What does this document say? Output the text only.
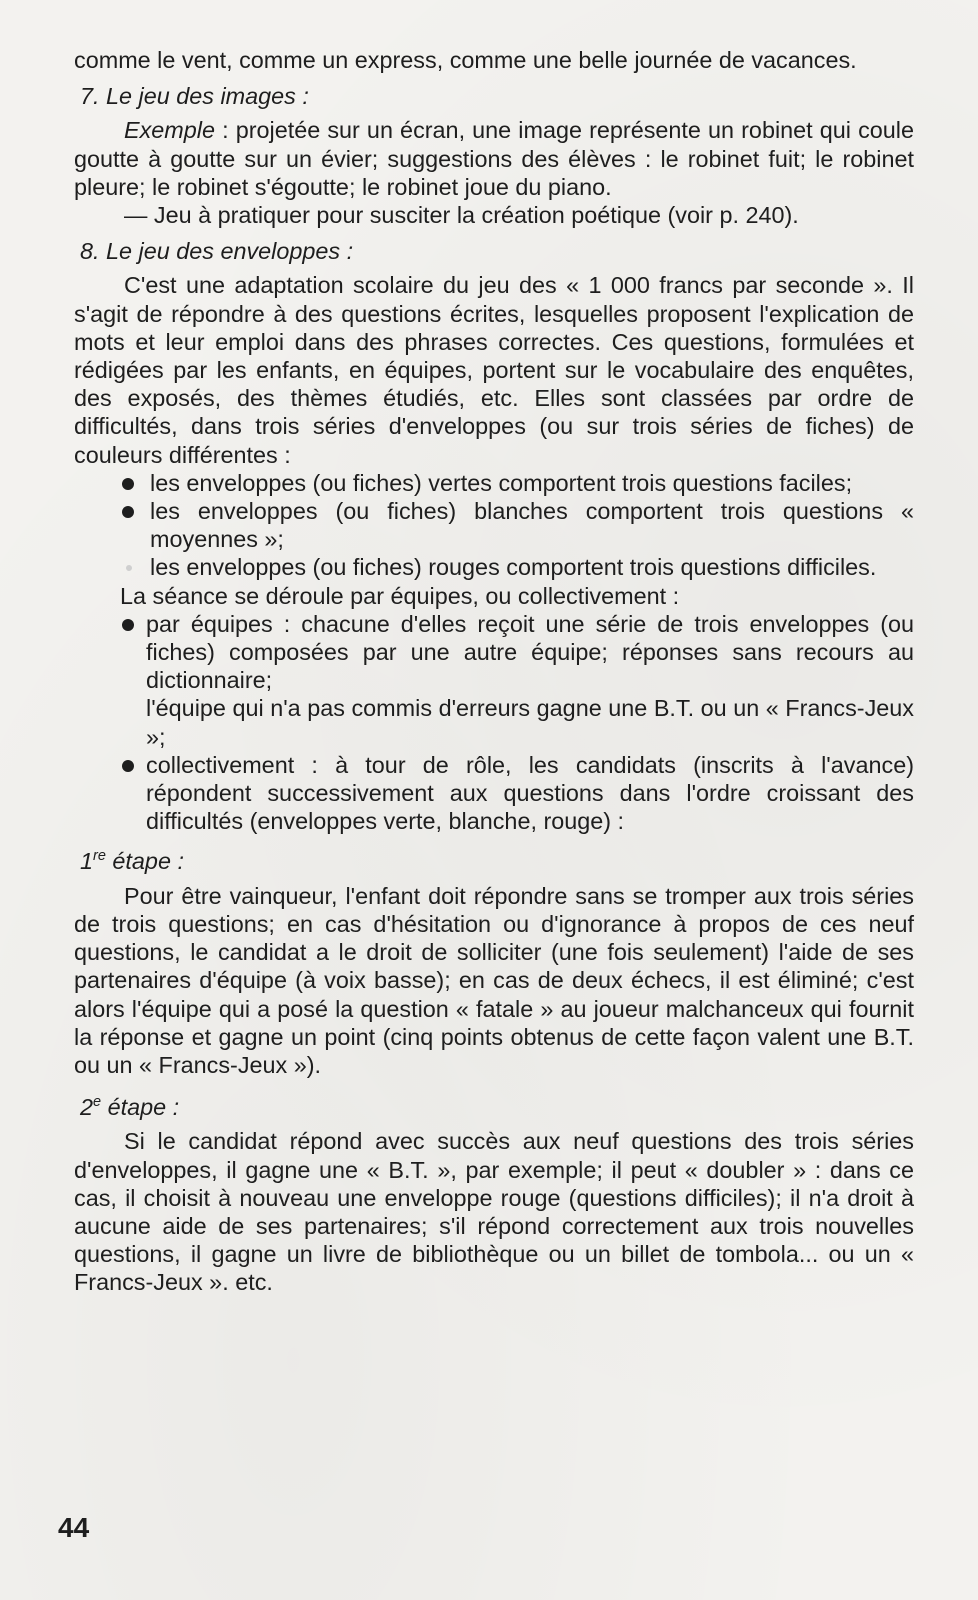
comme le vent, comme un express, comme une belle journée de vacances.

7. Le jeu des images :

Exemple : projetée sur un écran, une image représente un robinet qui coule goutte à goutte sur un évier; suggestions des élèves : le robinet fuit; le robinet pleure; le robinet s'égoutte; le robinet joue du piano.

— Jeu à pratiquer pour susciter la création poétique (voir p. 240).

8. Le jeu des enveloppes :

C'est une adaptation scolaire du jeu des « 1 000 francs par seconde ». Il s'agit de répondre à des questions écrites, lesquelles proposent l'explication de mots et leur emploi dans des phrases correctes. Ces questions, formulées et rédigées par les enfants, en équipes, portent sur le vocabulaire des enquêtes, des exposés, des thèmes étudiés, etc. Elles sont classées par ordre de difficultés, dans trois séries d'enveloppes (ou sur trois séries de fiches) de couleurs différentes :

les enveloppes (ou fiches) vertes comportent trois questions faciles;
les enveloppes (ou fiches) blanches comportent trois questions « moyennes »;
les enveloppes (ou fiches) rouges comportent trois questions difficiles.

La séance se déroule par équipes, ou collectivement :

par équipes : chacune d'elles reçoit une série de trois enveloppes (ou fiches) composées par une autre équipe; réponses sans recours au dictionnaire;

l'équipe qui n'a pas commis d'erreurs gagne une B.T. ou un « Francs-Jeux »;

collectivement : à tour de rôle, les candidats (inscrits à l'avance) répondent successivement aux questions dans l'ordre croissant des difficultés (enveloppes verte, blanche, rouge) :
1re étape :

Pour être vainqueur, l'enfant doit répondre sans se tromper aux trois séries de trois questions; en cas d'hésitation ou d'ignorance à propos de ces neuf questions, le candidat a le droit de solliciter (une fois seulement) l'aide de ses partenaires d'équipe (à voix basse); en cas de deux échecs, il est éliminé; c'est alors l'équipe qui a posé la question « fatale » au joueur malchanceux qui fournit la réponse et gagne un point (cinq points obtenus de cette façon valent une B.T. ou un « Francs-Jeux »).

2e étape :

Si le candidat répond avec succès aux neuf questions des trois séries d'enveloppes, il gagne une « B.T. », par exemple; il peut « doubler » : dans ce cas, il choisit à nouveau une enveloppe rouge (questions difficiles); il n'a droit à aucune aide de ses partenaires; s'il répond correctement aux trois nouvelles questions, il gagne un livre de bibliothèque ou un billet de tombola... ou un « Francs-Jeux ». etc.

44
